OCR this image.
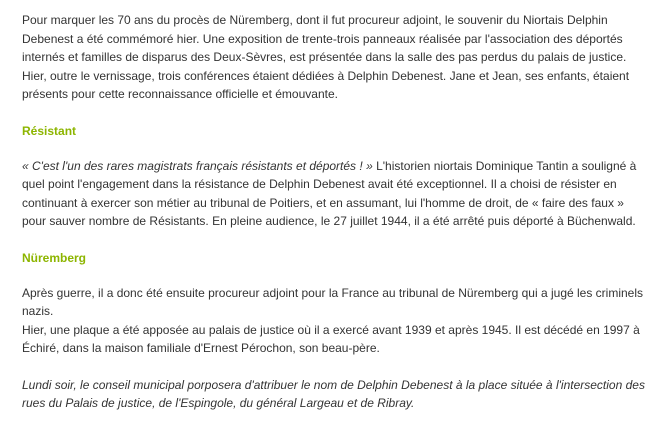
Pour marquer les 70 ans du procès de Nüremberg, dont il fut procureur adjoint, le souvenir du Niortais Delphin Debenest a été commémoré hier. Une exposition de trente-trois panneaux réalisée par l'association des déportés internés et familles de disparus des Deux-Sèvres, est présentée dans la salle des pas perdus du palais de justice. Hier, outre le vernissage, trois conférences étaient dédiées à Delphin Debenest. Jane et Jean, ses enfants, étaient présents pour cette reconnaissance officielle et émouvante.

Résistant

« C'est l'un des rares magistrats français résistants et déportés ! » L'historien niortais Dominique Tantin a souligné à quel point l'engagement dans la résistance de Delphin Debenest avait été exceptionnel. Il a choisi de résister en continuant à exercer son métier au tribunal de Poitiers, et en assumant, lui l'homme de droit, de « faire des faux » pour sauver nombre de Résistants. En pleine audience, le 27 juillet 1944, il a été arrêté puis déporté à Büchenwald.

Nüremberg

Après guerre, il a donc été ensuite procureur adjoint pour la France au tribunal de Nüremberg qui a jugé les criminels nazis.
Hier, une plaque a été apposée au palais de justice où il a exercé avant 1939 et après 1945. Il est décédé en 1997 à Échiré, dans la maison familiale d'Ernest Pérochon, son beau-père.

Lundi soir, le conseil municipal porposera d'attribuer le nom de Delphin Debenest à la place située à l'intersection des rues du Palais de justice, de l'Espingole, du général Largeau et de Ribray.
